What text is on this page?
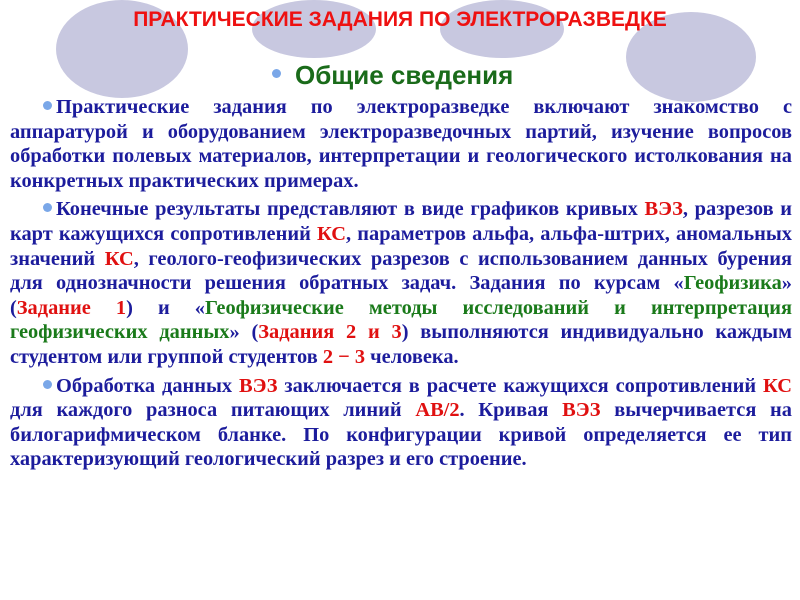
ПРАКТИЧЕСКИЕ ЗАДАНИЯ ПО ЭЛЕКТРОРАЗВЕДКЕ
Общие сведения

Практические задания по электроразведке включают знакомство с аппаратурой и оборудованием электроразведочных партий, изучение вопросов обработки полевых материалов, интерпретации и геологического истолкования на конкретных практических примерах.

Конечные результаты представляют в виде графиков кривых ВЭЗ, разрезов и карт кажущихся сопротивлений КС, параметров альфа, альфа-штрих, аномальных значений КС, геолого-геофизических разрезов с использованием данных бурения для однозначности решения обратных задач. Задания по курсам «Геофизика» (Задание 1) и «Геофизические методы исследований и интерпретация геофизических данных» (Задания 2 и 3) выполняются индивидуально каждым студентом или группой студентов 2 − 3 человека.

Обработка данных ВЭЗ заключается в расчете кажущихся сопротивлений КС для каждого разноса питающих линий АВ/2. Кривая ВЭЗ вычерчивается на билогарифмическом бланке. По конфигурации кривой определяется ее тип характеризующий геологический разрез и его строение.
